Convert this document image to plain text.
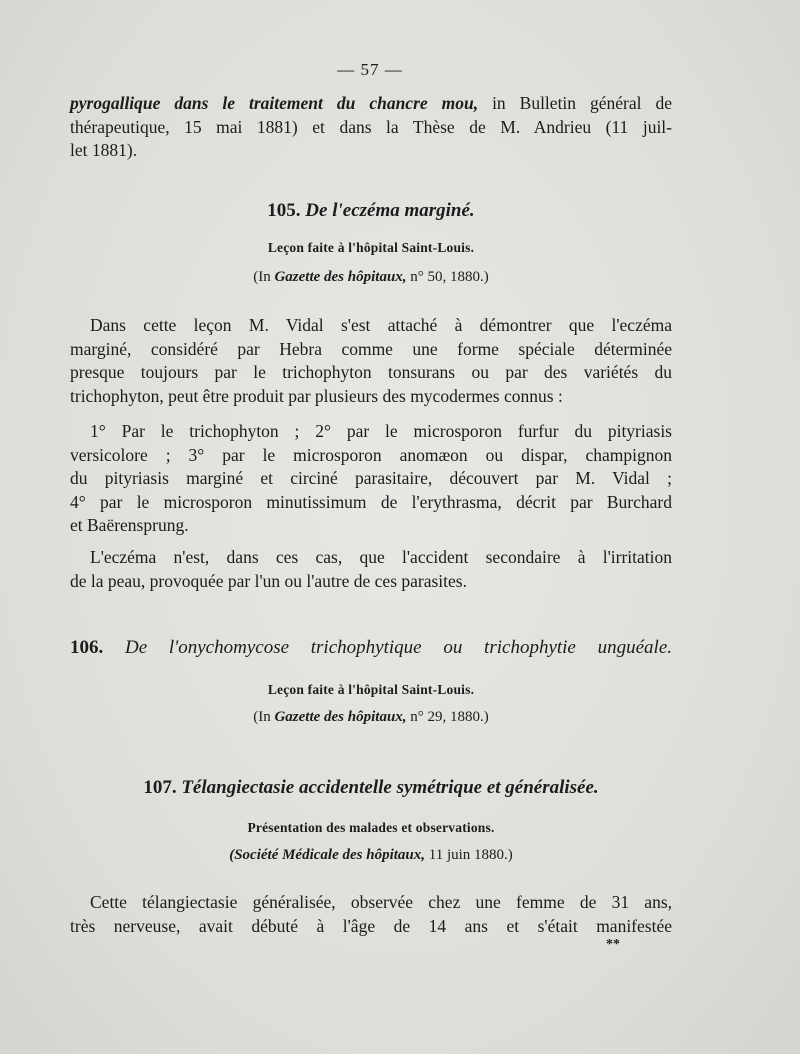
— 57 —
pyrogallique dans le traitement du chancre mou, in Bulletin général de
thérapeutique, 15 mai 1881) et dans la Thèse de M. Andrieu (11 juil-
let 1881).
105. De l'eczéma marginé.
Leçon faite à l'hôpital Saint-Louis.
(In Gazette des hôpitaux, n° 50, 1880.)
Dans cette leçon M. Vidal s'est attaché à démontrer que l'eczéma
marginé, considéré par Hebra comme une forme spéciale déterminée
presque toujours par le trichophyton tonsurans ou par des variétés du
trichophyton, peut être produit par plusieurs des mycodermes connus :
1° Par le trichophyton ; 2° par le microsporon furfur du pityriasis
versicolore ; 3° par le microsporon anomæon ou dispar, champignon
du pityriasis marginé et circiné parasitaire, découvert par M. Vidal ;
4° par le microsporon minutissimum de l'erythrasma, décrit par Burchard
et Baërensprung.
L'eczéma n'est, dans ces cas, que l'accident secondaire à l'irritation
de la peau, provoquée par l'un ou l'autre de ces parasites.
106. De l'onychomycose trichophytique ou trichophytie unguéale.
Leçon faite à l'hôpital Saint-Louis.
(In Gazette des hôpitaux, n° 29, 1880.)
107. Télangiectasie accidentelle symétrique et généralisée.
Présentation des malades et observations.
(Société Médicale des hôpitaux, 11 juin 1880.)
Cette télangiectasie généralisée, observée chez une femme de 31 ans,
très nerveuse, avait débuté à l'âge de 14 ans et s'était manifestée
**
